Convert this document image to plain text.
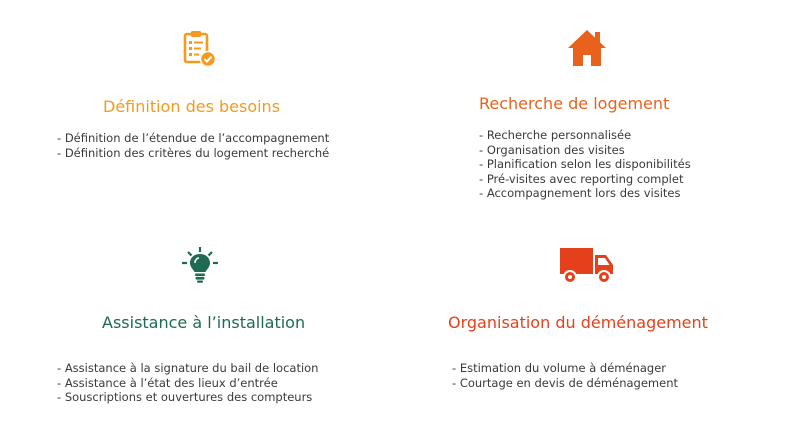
Définition des besoins
- Définition de l’étendue de l’accompagnement
- Définition des critères du logement recherché
Recherche de logement
- Recherche personnalisée
- Organisation des visites
- Planification selon les disponibilités
- Pré-visites avec reporting complet
- Accompagnement lors des visites
Assistance à l’installation
- Assistance à la signature du bail de location
- Assistance à l’état des lieux d’entrée
- Souscriptions et ouvertures des compteurs
Organisation du déménagement
- Estimation du volume à déménager
- Courtage en devis de déménagement
